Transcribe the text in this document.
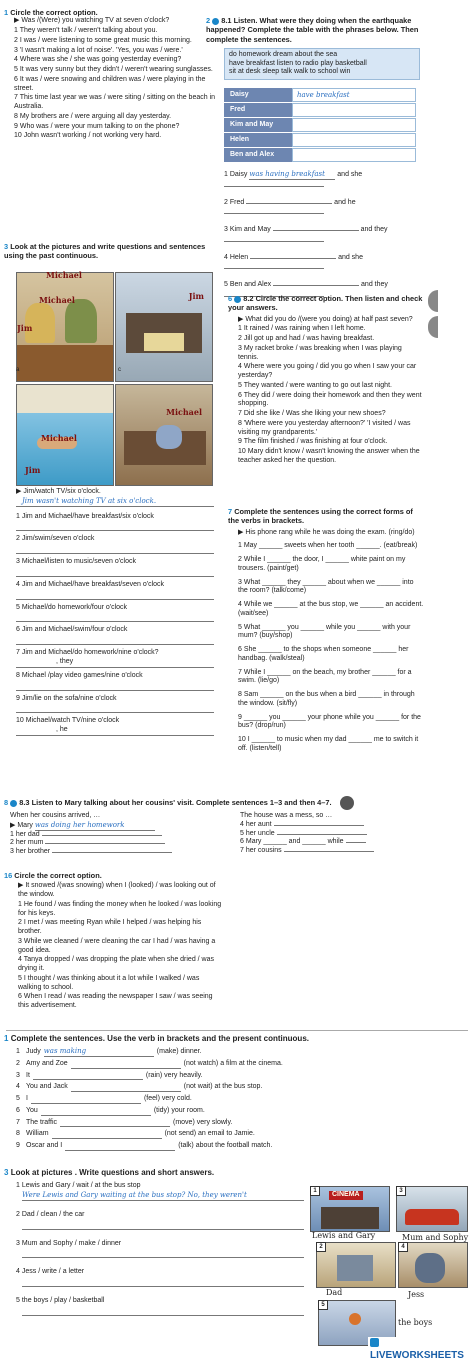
1 Circle the correct option.
▶ Was /(Were) you watching TV at seven o'clock?
1 They weren't talk / weren't talking about you.
2 I was / were listening to some great music this morning.
3 'I wasn't making a lot of noise'. 'Yes, you was / were.'
4 Where was she / she was going yesterday evening?
5 It was very sunny but they didn't / weren't wearing sunglasses.
6 It was / were snowing and children was / were playing in the street.
7 This time last year we was / were siting / sitting on the beach in Australia.
8 My brothers are / were arguing all day yesterday.
9 Who was / were your mum talking to on the phone?
10 John wasn't working / not working very hard.
2 8.1 Listen. What were they doing when the earthquake happened? Complete the table with the phrases below. Then complete the sentences.
do homework dream about the sea
have breakfast listen to radio play basketball
sit at desk sleep talk walk to school win
Daisy	have breakfast
Fred
Kim and May
Helen
Ben and Alex
1 Daisy was having breakfast and she
2 Fred	and he
3 Kim and May	and they
4 Helen	and she
5 Ben and Alex	and they
3 Look at the pictures and write questions and sentences using the past continuous.
Michael
Jim
Michael
Jim
a	c
Michael
Jim
Michael
▶ Jim/watch TV/six o'clock.
Jim wasn't watching TV at six o'clock.
1 Jim and Michael/have breakfast/six o'clock
2 Jim/swim/seven o'clock
3 Michael/listen to music/seven o'clock
4 Jim and Michael/have breakfast/seven o'clock
5 Michael/do homework/four o'clock
6 Jim and Michael/swim/four o'clock
7 Jim and Michael/do homework/nine o'clock?
, they
8 Michael /play video games/nine o'clock
9 Jim/lie on the sofa/nine o'clock
10 Michael/watch TV/nine o'clock
, he
6 8.2 Circle the correct option. Then listen and check your answers.
▶ What did you do /(were you doing) at half past seven?
1 It rained / was raining when I left home.
2 Jill got up and had / was having breakfast.
3 My racket broke / was breaking when I was playing tennis.
4 Where were you going / did you go when I saw your car yesterday?
5 They wanted / were wanting to go out last night.
6 They did / were doing their homework and then they went shopping.
7 Did she like / Was she liking your new shoes?
8 'Where were you yesterday afternoon?' 'I visited / was visiting my grandparents.'
9 The film finished / was finishing at four o'clock.
10 Mary didn't know / wasn't knowing the answer when the teacher asked her the question.
7 Complete the sentences using the correct forms of the verbs in brackets.
▶ His phone rang while he was doing the exam. (ring/do)
1 May ______ sweets when her tooth ______. (eat/break)
2 While I ______ the door, I ______ white paint on my trousers. (paint/get)
3 What ______ they ______ about when we ______ into the room? (talk/come)
4 While we ______ at the bus stop, we ______ an accident. (wait/see)
5 What ______ you ______ while you ______ with your mum? (buy/shop)
6 She ______ to the shops when someone ______ her handbag. (walk/steal)
7 While I ______ on the beach, my brother ______ for a swim. (lie/go)
8 Sam ______ on the bus when a bird ______ in through the window. (sit/fly)
9 ______ you ______ your phone while you ______ for the bus? (drop/run)
10 I ______ to music when my dad ______ me to switch it off. (listen/tell)
8 8.3 Listen to Mary talking about her cousins' visit. Complete sentences 1–3 and then 4–7.
When her cousins arrived, …
▶ Mary was doing her homework
1 her dad
2 her mum
3 her brother
The house was a mess, so …
4 her aunt
5 her uncle
6 Mary ______ and ______ while
7 her cousins
16 Circle the correct option.
▶ It snowed /(was snowing) when I (looked) / was looking out of the window.
1 He found / was finding the money when he looked / was looking for his keys.
2 I met / was meeting Ryan while I helped / was helping his brother.
3 While we cleaned / were cleaning the car I had / was having a good idea.
4 Tanya dropped / was dropping the plate when she dried / was drying it.
5 I thought / was thinking about it a lot while I walked / was walking to school.
6 When I read / was reading the newspaper I saw / was seeing this advertisement.
1 Complete the sentences. Use the verb in brackets and the present continuous.
1 Judy was making	(make) dinner.
2 Amy and Zoe	(not watch) a film at the cinema.
3 It	(rain) very heavily.
4 You and Jack	(not wait) at the bus stop.
5 I	(feel) very cold.
6 You	(tidy) your room.
7 The traffic	(move) very slowly.
8 William	(not send) an email to Jamie.
9 Oscar and I	(talk) about the football match.
3 Look at pictures . Write questions and short answers.
1 Lewis and Gary / wait / at the bus stop
Were Lewis and Gary waiting at the bus stop? No, they weren't
2 Dad / clean / the car
3 Mum and Sophy / make / dinner
4 Jess / write / a letter
5 the boys / play / basketball
CINEMA
1	3
Lewis and Gary	Mum and Sophy
2	4
Dad	Jess
5
the boys
LIVEWORKSHEETS
